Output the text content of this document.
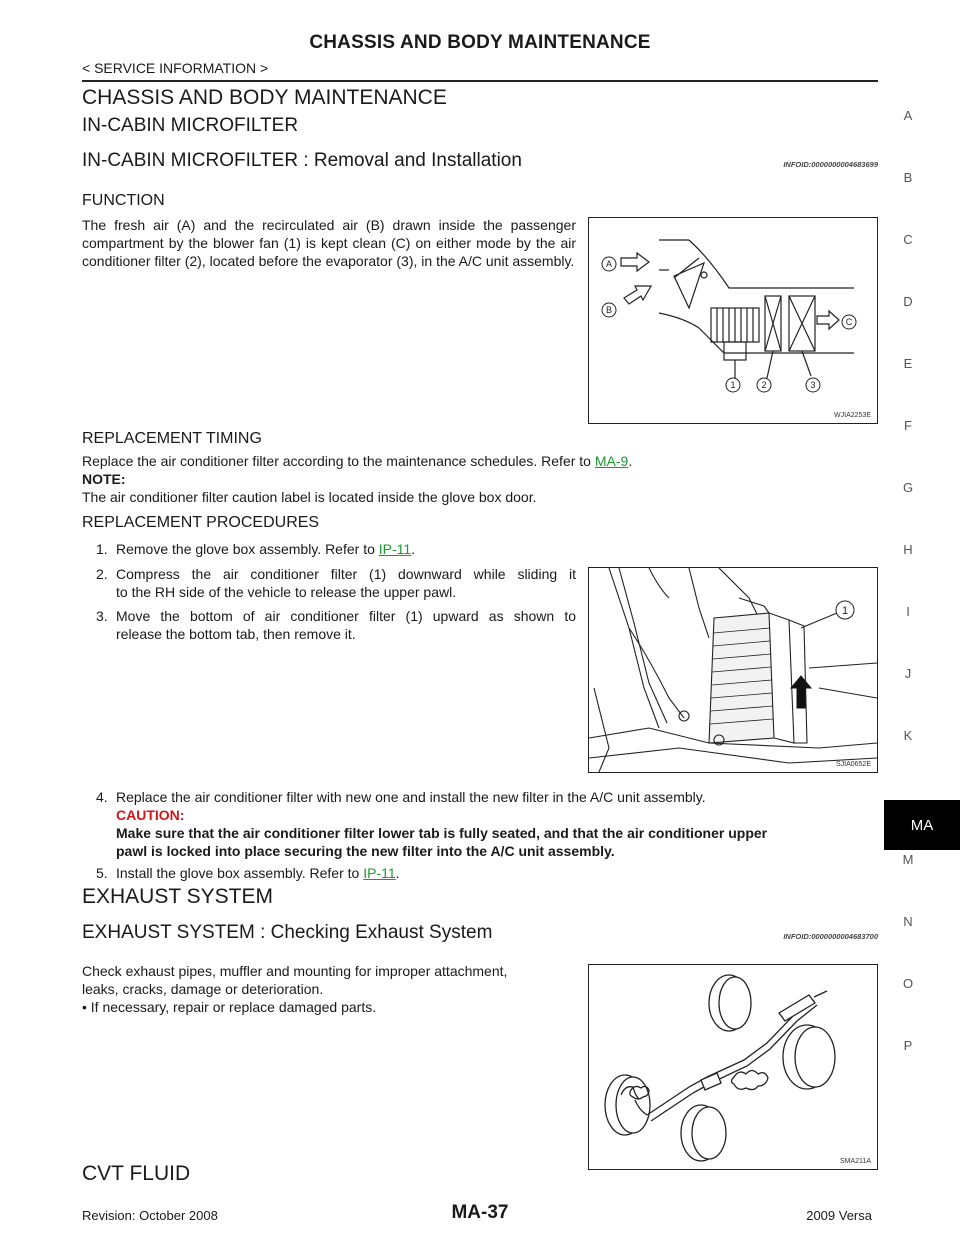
CHASSIS AND BODY MAINTENANCE
< SERVICE INFORMATION >
CHASSIS AND BODY MAINTENANCE
IN-CABIN MICROFILTER
IN-CABIN MICROFILTER : Removal and Installation	INFOID:0000000004683699
FUNCTION
The fresh air (A) and the recirculated air (B) drawn inside the passenger compartment by the blower fan (1) is kept clean (C) on either mode by the air conditioner filter (2), located before the evaporator (3), in the A/C unit assembly.	A
B
C
1	2	3
WJIA2253E
REPLACEMENT TIMING
Replace the air conditioner filter according to the maintenance schedules. Refer to MA-9.
NOTE:
The air conditioner filter caution label is located inside the glove box door.
REPLACEMENT PROCEDURES
1. Remove the glove box assembly. Refer to IP-11.
2. Compress the air conditioner filter (1) downward while sliding it
to the RH side of the vehicle to release the upper pawl.
3. Move the bottom of air conditioner filter (1) upward as shown to
release the bottom tab, then remove it.
1
SJIA0652E
4. Replace the air conditioner filter with new one and install the new filter in the A/C unit assembly.
CAUTION:
Make sure that the air conditioner filter lower tab is fully seated, and that the air conditioner upper
pawl is locked into place securing the new filter into the A/C unit assembly.
5. Install the glove box assembly. Refer to IP-11.
EXHAUST SYSTEM
EXHAUST SYSTEM : Checking Exhaust System	INFOID:0000000004683700
Check exhaust pipes, muffler and mounting for improper attachment,
leaks, cracks, damage or deterioration.
• If necessary, repair or replace damaged parts.
SMA211A
CVT FLUID
A
B
C
D
E
F
G
H
I
J
K
MA
M
N
O
P
Revision: October 2008	MA-37	2009 Versa
